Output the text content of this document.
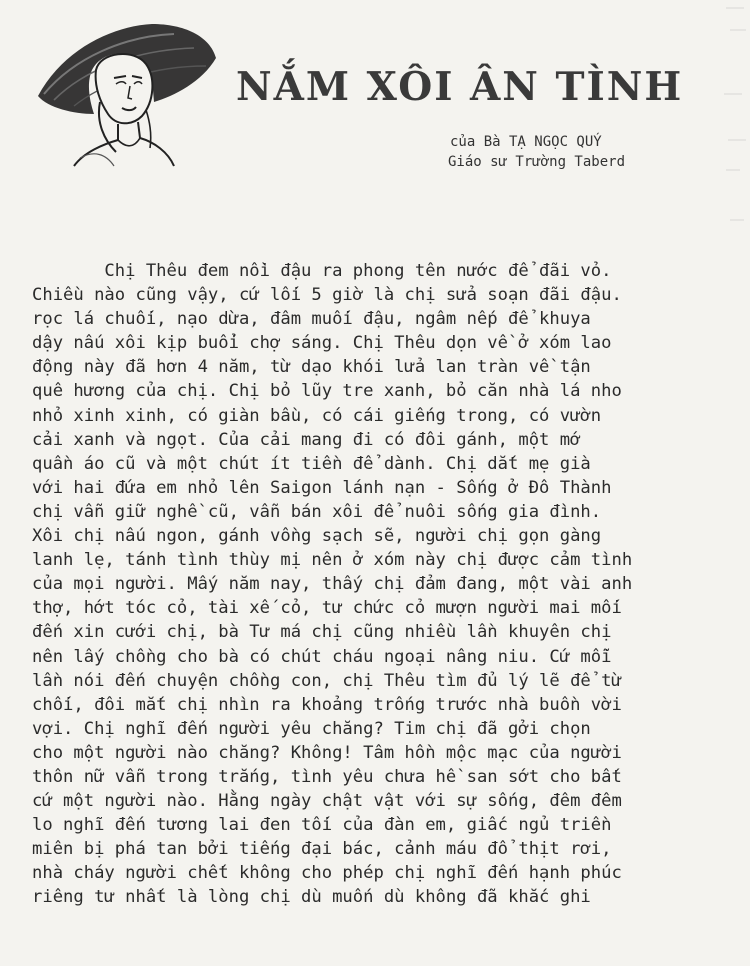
NẮM XÔI ÂN TÌNH
của Bà TẠ NGỌC QUÝ
Giáo sư Trường Taberd
Chị Thêu đem nồi đậu ra phong tên nước để đãi vỏ.
Chiều nào cũng vậy, cứ lối 5 giờ là chị sửa soạn đãi đậu.
rọc lá chuối, nạo dừa, đâm muối đậu, ngâm nếp để khuya
dậy nấu xôi kịp buổi chợ sáng. Chị Thêu dọn về ở xóm lao
động này đã hơn 4 năm, từ dạo khói lửa lan tràn về tận
quê hương của chị. Chị bỏ lũy tre xanh, bỏ căn nhà lá nho
nhỏ xinh xinh, có giàn bầu, có cái giếng trong, có vườn
cải xanh và ngọt. Của cải mang đi có đôi gánh, một mớ
quần áo cũ và một chút ít tiền để dành. Chị dắt mẹ già
với hai đứa em nhỏ lên Saigon lánh nạn - Sống ở Đô Thành
chị vẫn giữ nghề cũ, vẫn bán xôi để nuôi sống gia đình.
Xôi chị nấu ngon, gánh vồng sạch sẽ, người chị gọn gàng
lanh lẹ, tánh tình thùy mị nên ở xóm này chị được cảm tình
của mọi người. Mấy năm nay, thấy chị đảm đang, một vài anh
thợ, hớt tóc cỏ, tài xế cỏ, tư chức cỏ mượn người mai mối
đến xin cưới chị, bà Tư má chị cũng nhiều lần khuyên chị
nên lấy chồng cho bà có chút cháu ngoại nâng niu. Cứ mỗi
lần nói đến chuyện chồng con, chị Thêu tìm đủ lý lẽ để từ
chối, đôi mắt chị nhìn ra khoảng trống trước nhà buồn vời
vợi. Chị nghĩ đến người yêu chăng? Tim chị đã gởi chọn
cho một người nào chăng? Không! Tâm hồn mộc mạc của người
thôn nữ vẫn trong trắng, tình yêu chưa hề san sớt cho bất
cứ một người nào. Hằng ngày chật vật với sự sống, đêm đêm
lo nghĩ đến tương lai đen tối của đàn em, giấc ngủ triền
miên bị phá tan bởi tiếng đại bác, cảnh máu đổ thịt rơi,
nhà cháy người chết không cho phép chị nghĩ đến hạnh phúc
riêng tư nhất là lòng chị dù muốn dù không đã khắc ghi
